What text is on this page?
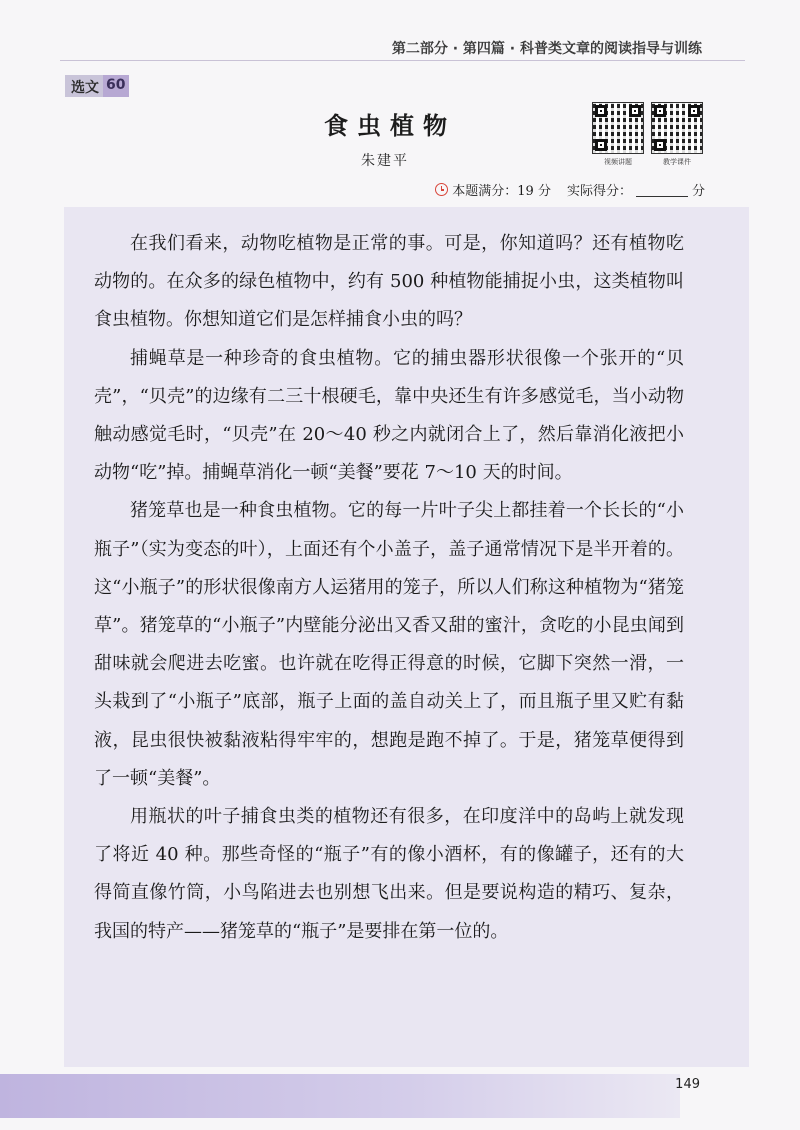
第二部分 · 第四篇 · 科普类文章的阅读指导与训练
选文 60
食虫植物
朱建平	视频讲题	教学课件
本题满分：19 分 实际得分：	分

在我们看来，动物吃植物是正常的事。可是，你知道吗？还有植物吃动物的。在众多的绿色植物中，约有 500 种植物能捕捉小虫，这类植物叫食虫植物。你想知道它们是怎样捕食小虫的吗？

捕蝇草是一种珍奇的食虫植物。它的捕虫器形状很像一个张开的“贝壳”，“贝壳”的边缘有二三十根硬毛，靠中央还生有许多感觉毛，当小动物触动感觉毛时，“贝壳”在 20～40 秒之内就闭合上了，然后靠消化液把小动物“吃”掉。捕蝇草消化一顿“美餐”要花 7～10 天的时间。

猪笼草也是一种食虫植物。它的每一片叶子尖上都挂着一个长长的“小瓶子”（实为变态的叶），上面还有个小盖子，盖子通常情况下是半开着的。这“小瓶子”的形状很像南方人运猪用的笼子，所以人们称这种植物为“猪笼草”。猪笼草的“小瓶子”内壁能分泌出又香又甜的蜜汁，贪吃的小昆虫闻到甜味就会爬进去吃蜜。也许就在吃得正得意的时候，它脚下突然一滑，一头栽到了“小瓶子”底部，瓶子上面的盖自动关上了，而且瓶子里又贮有黏液，昆虫很快被黏液粘得牢牢的，想跑是跑不掉了。于是，猪笼草便得到了一顿“美餐”。

用瓶状的叶子捕食虫类的植物还有很多，在印度洋中的岛屿上就发现了将近 40 种。那些奇怪的“瓶子”有的像小酒杯，有的像罐子，还有的大得简直像竹筒，小鸟陷进去也别想飞出来。但是要说构造的精巧、复杂，我国的特产——猪笼草的“瓶子”是要排在第一位的。

149
